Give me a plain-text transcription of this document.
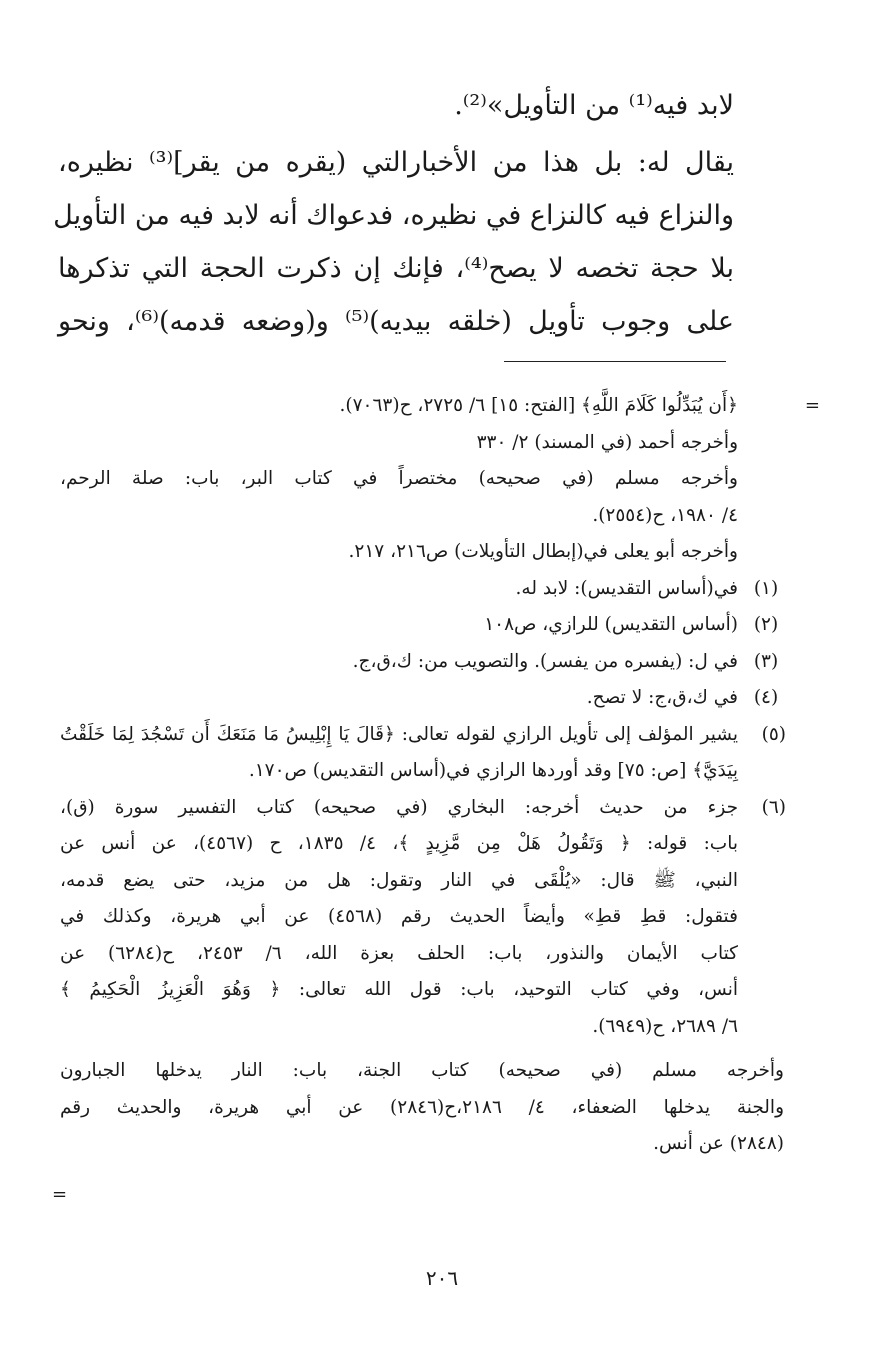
لابد فيه⁽¹⁾ من التأويل»⁽²⁾.
يقال له: بل هذا من الأخبارالتي (يقره من يقر]⁽³⁾ نظيره،
والنزاع فيه كالنزاع في نظيره، فدعواك أنه لابد فيه من التأويل
بلا حجة تخصه لا يصح⁽⁴⁾، فإنك إن ذكرت الحجة التي تذكرها
على وجوب تأويل (خلقه بيديه)⁽⁵⁾ و(وضعه قدمه)⁽⁶⁾، ونحو
=
﴿أَن يُبَدِّلُوا كَلَامَ اللَّهِ﴾ [الفتح: ١٥] ٦/ ٢٧٢٥، ح(٧٠٦٣).
وأخرجه أحمد (في المسند) ٢/ ٣٣٠
وأخرجه مسلم (في صحيحه) مختصراً في كتاب البر، باب: صلة الرحم،
٤/ ١٩٨٠، ح(٢٥٥٤).
وأخرجه أبو يعلى في(إبطال التأويلات) ص٢١٦، ٢١٧.
(١)
في(أساس التقديس): لابد له.
(٢)
(أساس التقديس) للرازي، ص١٠٨
(٣)
في ل: (يفسره من يفسر). والتصويب من: ك،ق،ج.
(٤)
في ك،ق،ج: لا تصح.
(٥)
يشير المؤلف إلى تأويل الرازي لقوله تعالى: ﴿قَالَ يَا إِبْلِيسُ مَا مَنَعَكَ أَن تَسْجُدَ لِمَا خَلَقْتُ
بِيَدَيَّ﴾ [ص: ٧٥] وقد أوردها الرازي في(أساس التقديس) ص١٧٠.
(٦)
جزء من حديث أخرجه: البخاري (في صحيحه) كتاب التفسير سورة (ق)،
باب: قوله: ﴿ وَتَقُولُ هَلْ مِن مَّزِيدٍ ﴾، ٤/ ١٨٣٥، ح (٤٥٦٧)، عن أنس عن
النبي، ﷺ قال: «يُلْقَى في النار وتقول: هل من مزيد، حتى يضع قدمه،
فتقول: قطِ قطِ» وأيضاً الحديث رقم (٤٥٦٨) عن أبي هريرة، وكذلك في
كتاب الأيمان والنذور، باب: الحلف بعزة الله، ٦/ ٢٤٥٣، ح(٦٢٨٤) عن
أنس، وفي كتاب التوحيد، باب: قول الله تعالى: ﴿ وَهُوَ الْعَزِيزُ الْحَكِيمُ ﴾
٦/ ٢٦٨٩، ح(٦٩٤٩).
وأخرجه مسلم (في صحيحه) كتاب الجنة، باب: النار يدخلها الجبارون
والجنة يدخلها الضعفاء، ٤/ ٢١٨٦،ح(٢٨٤٦) عن أبي هريرة، والحديث رقم
(٢٨٤٨) عن أنس.
=
٢٠٦
